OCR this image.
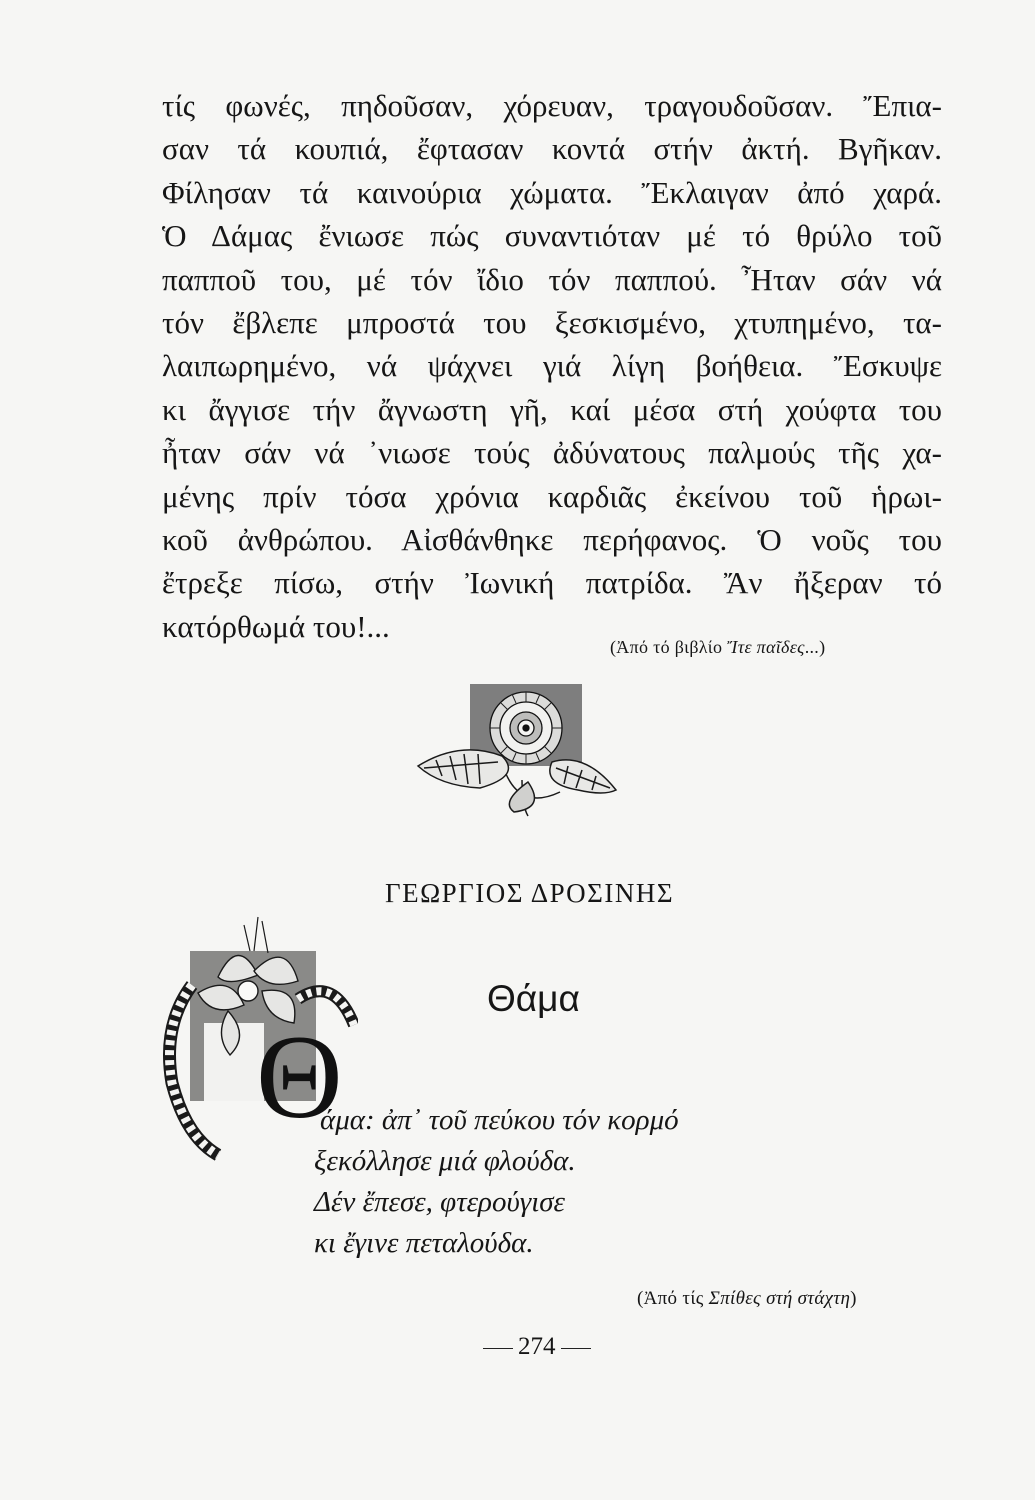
τίς φωνές, πηδοῦσαν, χόρευαν, τραγουδοῦσαν. Ἔπια-
σαν τά κουπιά, ἔφτασαν κοντά στήν ἀκτή. Βγῆκαν.
Φίλησαν τά καινούρια χώματα. Ἔκλαιγαν ἀπό χαρά.
Ὁ Δάμας ἔνιωσε πώς συναντιόταν μέ τό θρύλο τοῦ
παπποῦ του, μέ τόν ἴδιο τόν παππού. Ἦταν σάν νά
τόν ἔβλεπε μπροστά του ξεσκισμένο, χτυπημένο, τα-
λαιπωρημένο, νά ψάχνει γιά λίγη βοήθεια. Ἔσκυψε
κι ἄγγισε τήν ἄγνωστη γῆ, καί μέσα στή χούφτα του
ἦταν σάν νά ᾿νιωσε τούς ἀδύνατους παλμούς τῆς χα-
μένης πρίν τόσα χρόνια καρδιᾶς ἐκείνου τοῦ ἡρωι-
κοῦ ἀνθρώπου. Αἰσθάνθηκε περήφανος. Ὁ νοῦς του
ἔτρεξε πίσω, στήν Ἰωνική πατρίδα. Ἄν ἤξεραν τό
κατόρθωμά του!...
(Ἀπό τό βιβλίο Ἴτε παῖδες...)
ΓΕΩΡΓΙΟΣ ΔΡΟΣΙΝΗΣ
Θ
Θάμα
άμα: ἀπ᾿ τοῦ πεύκου τόν κορμό
ξεκόλλησε μιά φλούδα.
Δέν ἔπεσε, φτερούγισε
κι ἔγινε πεταλούδα.
(Ἀπό τίς Σπίθες στή στάχτη)
274
